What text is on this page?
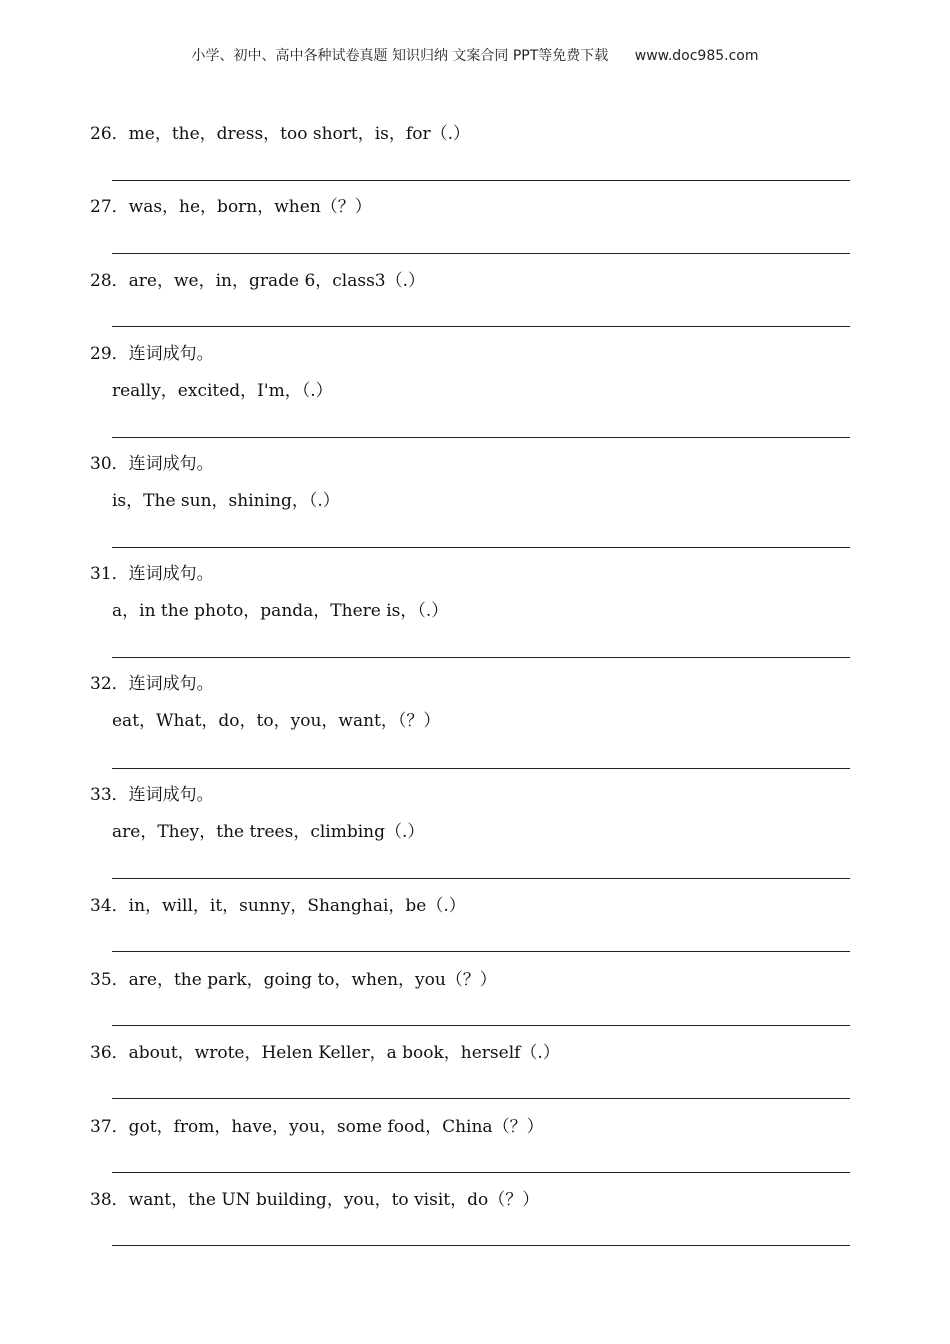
小学、初中、高中各种试卷真题 知识归纳 文案合同 PPT等免费下载 www.doc985.com
26．me，the，dress，too short，is，for（.）
27．was，he，born，when（？）
28．are，we，in，grade 6，class3（.）
29．连词成句。
really，excited，I'm，（.）
30．连词成句。
is，The sun，shining，（.）
31．连词成句。
a，in the photo，panda，There is，（.）
32．连词成句。
eat，What，do，to，you，want，（？）
33．连词成句。
are，They，the trees，climbing（.）
34．in，will，it，sunny，Shanghai，be（.）
35．are，the park，going to，when，you（？）
36．about，wrote，Helen Keller，a book，herself（.）
37．got，from，have，you，some food，China（？）
38．want，the UN building，you，to visit，do（？）
